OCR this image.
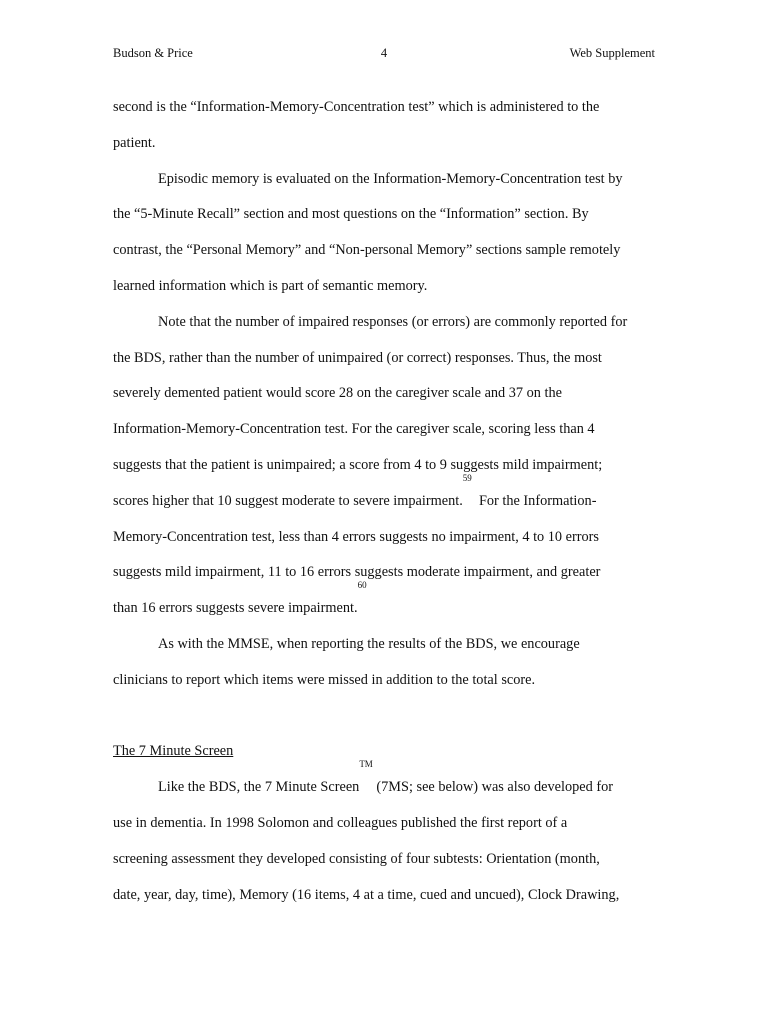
Budson & Price	4	Web Supplement
second is the “Information-Memory-Concentration test” which is administered to the
patient.
Episodic memory is evaluated on the Information-Memory-Concentration test by
the “5-Minute Recall” section and most questions on the “Information” section. By
contrast, the “Personal Memory” and “Non-personal Memory” sections sample remotely
learned information which is part of semantic memory.
Note that the number of impaired responses (or errors) are commonly reported for
the BDS, rather than the number of unimpaired (or correct) responses. Thus, the most
severely demented patient would score 28 on the caregiver scale and 37 on the
Information-Memory-Concentration test. For the caregiver scale, scoring less than 4
suggests that the patient is unimpaired; a score from 4 to 9 suggests mild impairment;
scores higher that 10 suggest moderate to severe impairment.$^{59}$  For the Information-
Memory-Concentration test, less than 4 errors suggests no impairment, 4 to 10 errors
suggests mild impairment, 11 to 16 errors suggests moderate impairment, and greater
than 16 errors suggests severe impairment.$^{60}$
As with the MMSE, when reporting the results of the BDS, we encourage
clinicians to report which items were missed in addition to the total score.
The 7 Minute Screen
Like the BDS, the 7 Minute Screen™ (7MS; see below) was also developed for
use in dementia. In 1998 Solomon and colleagues published the first report of a
screening assessment they developed consisting of four subtests: Orientation (month,
date, year, day, time), Memory (16 items, 4 at a time, cued and uncued), Clock Drawing,
